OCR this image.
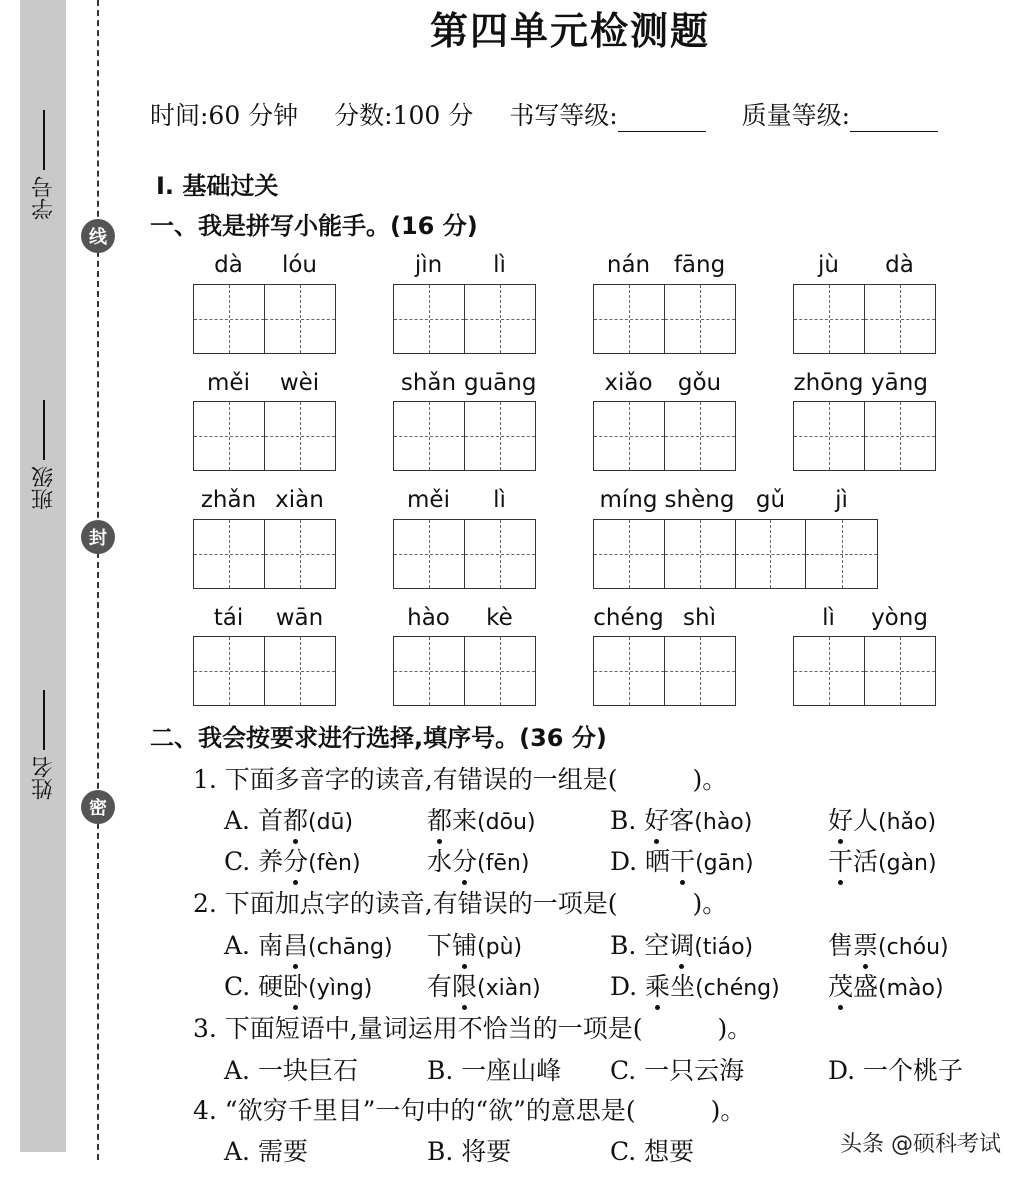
学号
班级
姓名
线
封
密
第四单元检测题
时间:60 分钟 分数:100 分 书写等级:	质量等级:
Ⅰ. 基础过关
一、我是拼写小能手。(16 分)
dà	lóu	jìn	lì	nán	fāng	jù	dà
měi	wèi	shǎn guāng	xiǎo	gǒu	zhōng yāng
zhǎn xiàn	měi	lì	míng shèng gǔ	jì
tái	wān	hào	kè	chéng shì	lì	yòng
二、我会按要求进行选择,填序号。(36 分)
1. 下面多音字的读音,有错误的一组是(　　　)。
A. 首都(dū)	都来(dōu)	B. 好客(hào)	好人(hǎo)
C. 养分(fèn)	水分(fēn)	D. 晒干(gān)	干活(gàn)
2. 下面加点字的读音,有错误的一项是(　　　)。
A. 南昌(chāng) 下铺(pù)	B. 空调(tiáo)	售票(chóu)
C. 硬卧(yìng) 有限(xiàn)	D. 乘坐(chéng) 茂盛(mào)
3. 下面短语中,量词运用不恰当的一项是(　　　)。
A. 一块巨石	B. 一座山峰 C. 一只云海	D. 一个桃子
4. “欲穷千里目”一句中的“欲”的意思是(　　　)。
A. 需要	B. 将要	C. 想要	头条 @硕科考试
